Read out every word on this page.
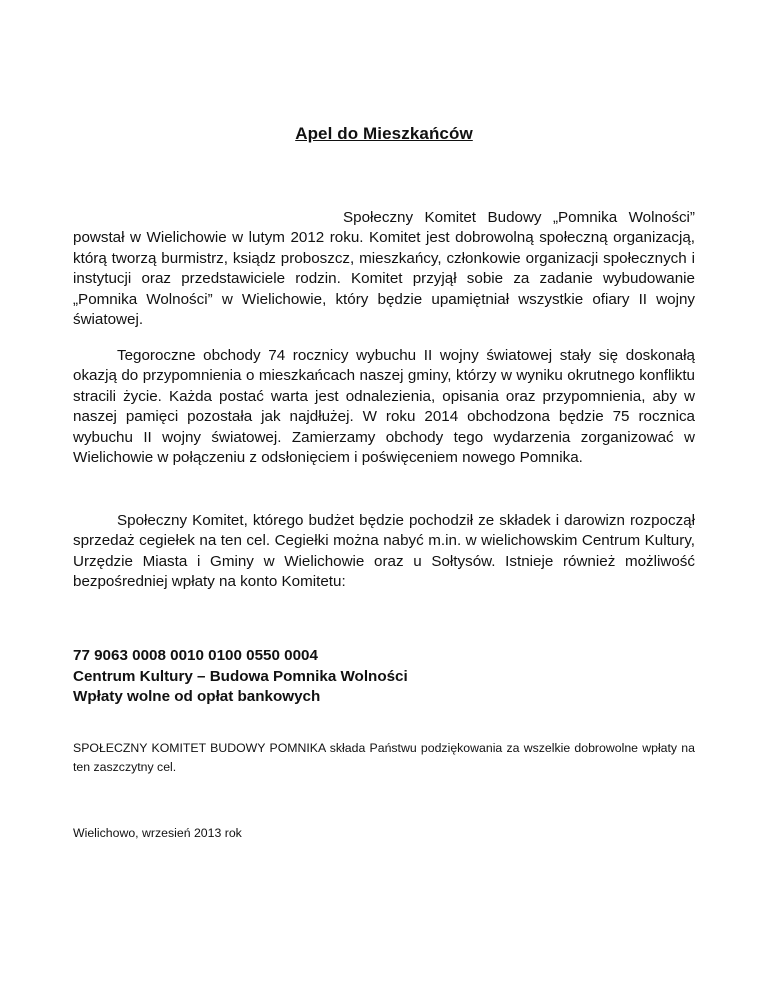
Apel do Mieszkańców

Społeczny Komitet Budowy „Pomnika Wolności” powstał w Wielichowie w lutym 2012 roku. Komitet jest dobrowolną społeczną organizacją, którą tworzą burmistrz, ksiądz proboszcz, mieszkańcy, członkowie organizacji społecznych i instytucji oraz przedstawiciele rodzin. Komitet przyjął sobie za zadanie wybudowanie „Pomnika Wolności” w Wielichowie, który będzie upamiętniał wszystkie ofiary II wojny światowej.

Tegoroczne obchody 74 rocznicy wybuchu II wojny światowej stały się doskonałą okazją do przypomnienia o mieszkańcach naszej gminy, którzy w wyniku okrutnego konfliktu stracili życie. Każda postać warta jest odnalezienia, opisania oraz przypomnienia, aby w naszej pamięci pozostała jak najdłużej. W roku 2014 obchodzona będzie 75 rocznica wybuchu II wojny światowej. Zamierzamy obchody tego wydarzenia zorganizować w Wielichowie w połączeniu z odsłonięciem i poświęceniem nowego Pomnika.

Społeczny Komitet, którego budżet będzie pochodził ze składek i darowizn rozpoczął sprzedaż cegiełek na ten cel. Cegiełki można nabyć m.in. w wielichowskim Centrum Kultury, Urzędzie Miasta i Gminy w Wielichowie oraz u Sołtysów. Istnieje również możliwość bezpośredniej wpłaty na konto Komitetu:

77 9063 0008 0010 0100 0550 0004
Centrum Kultury – Budowa Pomnika Wolności
Wpłaty wolne od opłat bankowych

SPOŁECZNY KOMITET BUDOWY POMNIKA składa Państwu podziękowania za wszelkie dobrowolne wpłaty na ten zaszczytny cel.

Wielichowo, wrzesień 2013 rok
